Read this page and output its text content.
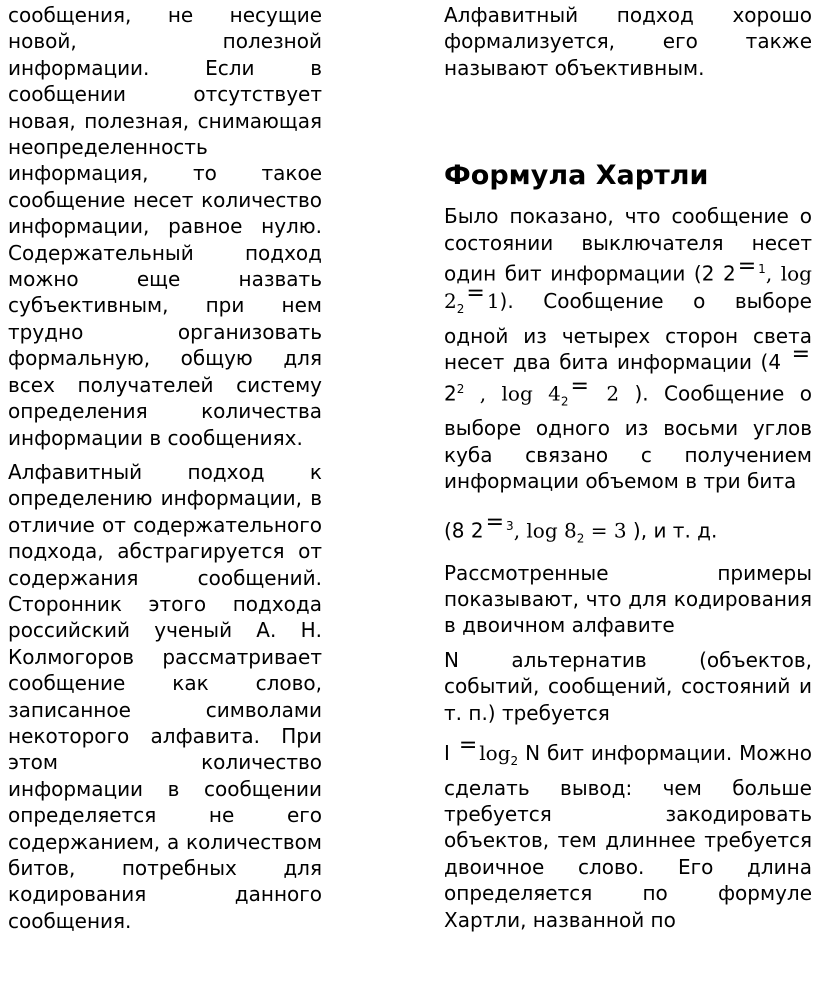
сообщения, не несущие новой, полезной информации. Если в сообщении отсутствует новая, полезная, снимающая неопределенность информация, то такое сообщение несет количество информации, равное нулю. Содержательный подход можно еще назвать субъективным, при нем трудно организовать формальную, общую для всех получателей систему определения количества информации в сообщениях.

Алфавитный подход к определению информации, в отличие от содержательного подхода, абстрагируется от содержания сообщений. Сторонник этого подхода российский ученый А. Н. Колмогоров рассматривает сообщение как слово, записанное символами некоторого алфавита. При этом количество информации в сообщении определяется не его содержанием, а количеством битов, потребных для кодирования данного сообщения.

Алфавитный подход хорошо формализуется, его также называют объективным.

Формула Хартли

Было показано, что сообщение о состоянии выключателя несет один бит информации (2 2= $^1$, $\log 2_2= 1$). Сообщение о выборе одной из четырех сторон света несет два бита информации ($4 = 2^2$ , $\log 4_2= 2$ ). Сообщение о выборе одного из восьми углов куба связано с получением информации объемом в три бита

(8 2= $^3$, $\log 8_2 = 3$ ), и т. д.

Рассмотренные примеры показывают, что для кодирования в двоичном алфавите

N альтернатив (объектов, событий, сообщений, состояний и т. п.) требуется

$I = \log_2 N$ бит информации. Можно сделать вывод: чем больше требуется закодировать объектов, тем длиннее требуется двоичное слово. Его длина определяется по формуле Хартли, названной по
